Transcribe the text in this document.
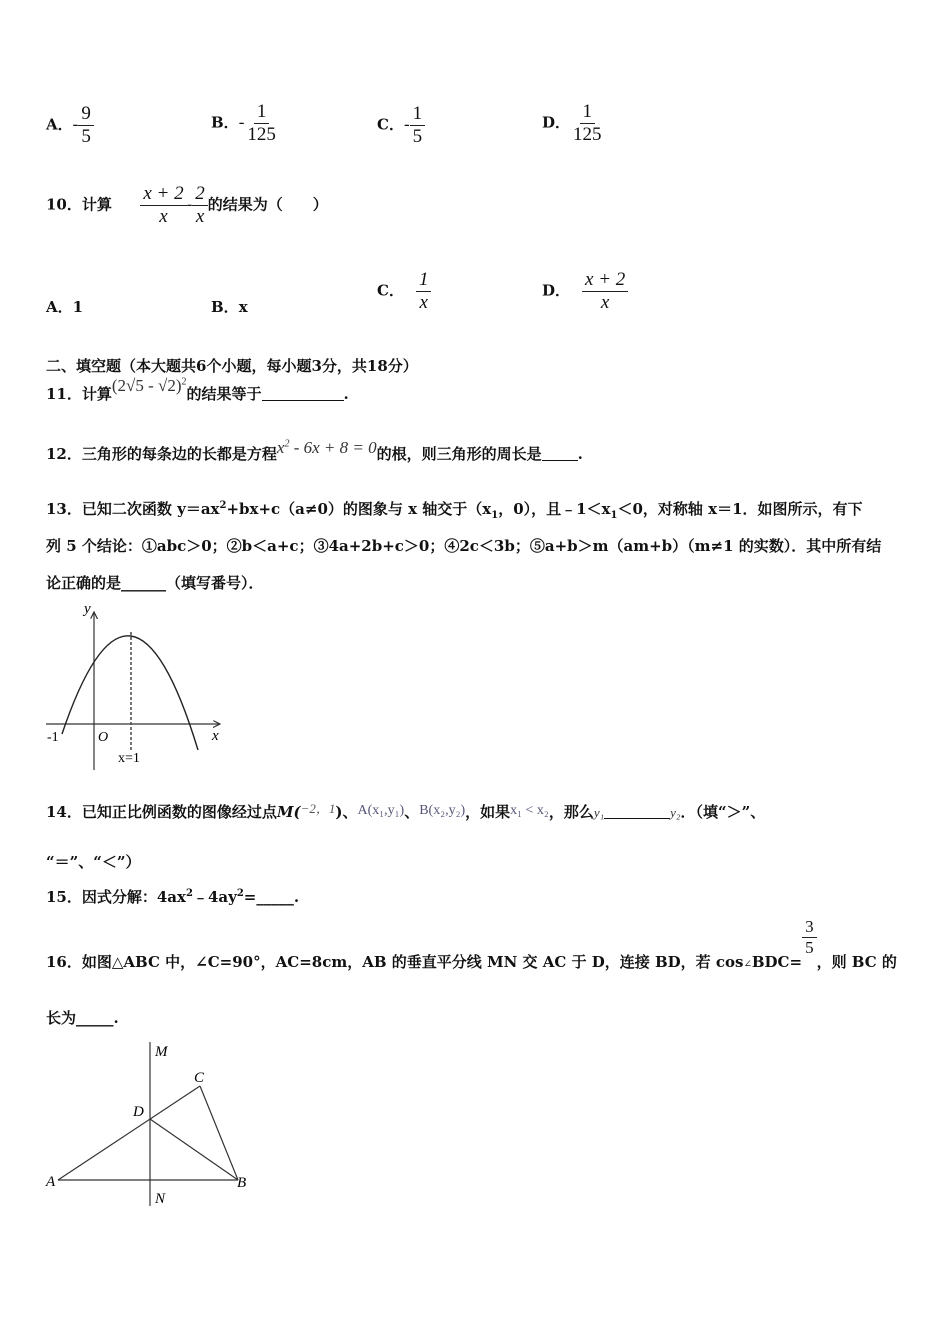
A．- $\frac{9}{5}$	B．- $\frac{1}{125}$	C．- $\frac{1}{5}$	D． $\frac{1}{125}$
10．计算 $\frac{x + 2}{x} - \frac{2}{x}$ 的结果为（　　）
A．1	B．x
C． $\frac{1}{x}$	D． $\frac{x + 2}{x}$
二、填空题（本大题共6个小题，每小题3分，共18分）
11．计算(2√5 - √2)$^2$的结果等于	.
12．三角形的每条边的长都是方程$x^2 - 6x + 8 = 0$的根，则三角形的周长是 .
13．已知二次函数 $y=ax^2+bx+c(a\ne 0)$的图象与 x 轴交于（$x_1$，0），且$﹣1<x_1<0$，对称轴 x＝1．如图所示，有下
列 5 个结论：①abc＞0；②b＜a+c；③4a+2b+c＞0；④2c＜3b；⑤a+b＞m（am+b）（m≠1 的实数）．其中所有结
论正确的是______（填写番号）．
y
x
O
-1
x=1
14．已知正比例函数的图像经过点M(−2，1)、A(x₁,y₁)、B(x₂,y₂)，如果x₁ < x₂，那么y₁	y₂．（填“＞”、
“＝”、“＜”）
15．因式分解：$4ax^2﹣4ay^2=\_\_\_\_\_$.
16．如图△ABC 中，∠C=90°，AC=8cm，AB 的垂直平分线 MN 交 AC 于 D，连接 BD，若 $\cos_\angle BDC=$
$\frac{3}{5}$
，则 BC 的
长为_____.
M
N
A	B
C
D
